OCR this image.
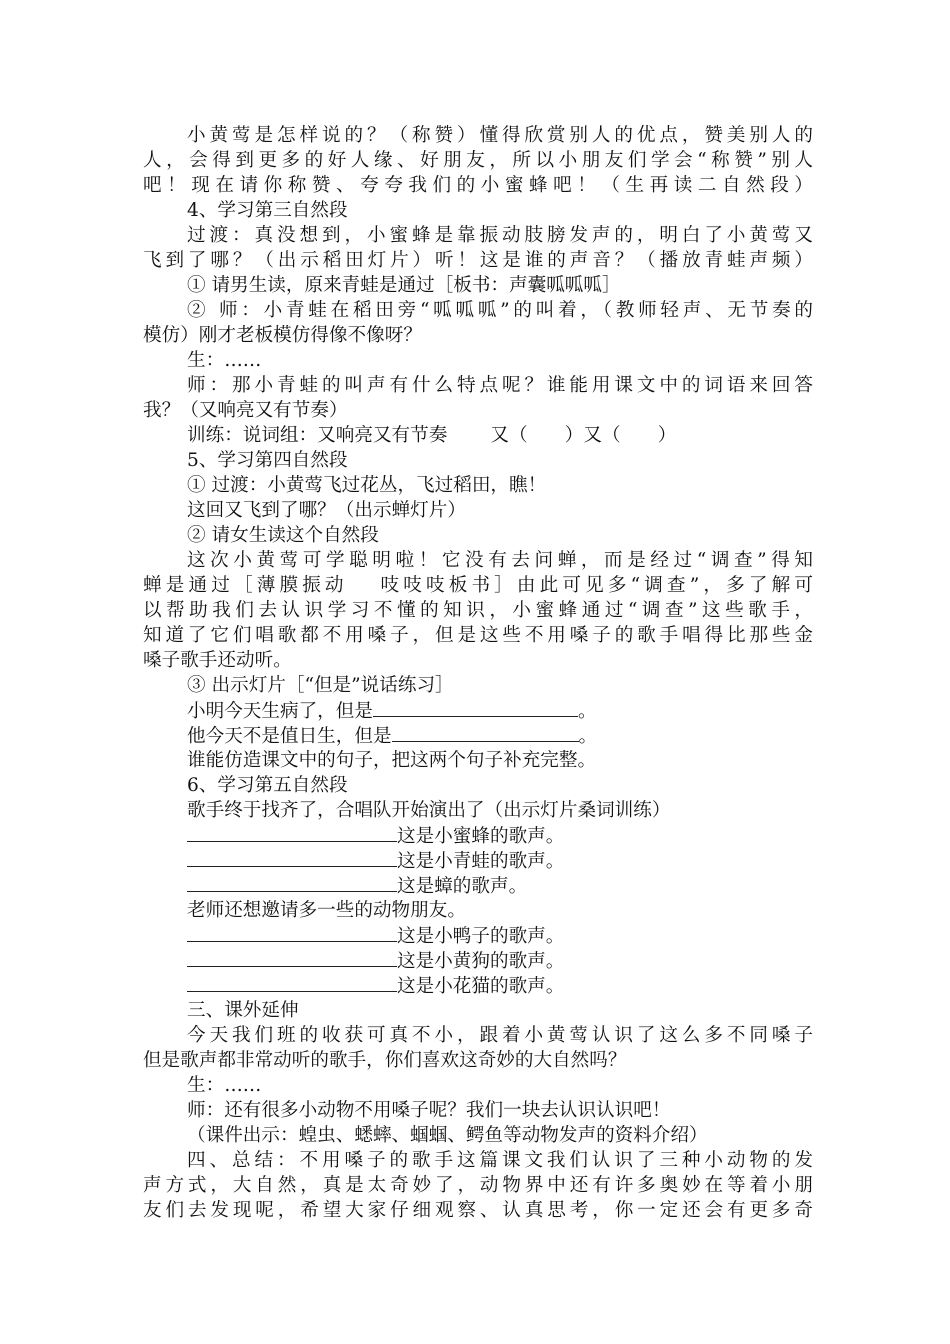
小黄莺是怎样说的？（称赞）懂得欣赏别人的优点，赞美别人的
人，会得到更多的好人缘、好朋友，所以小朋友们学会“称赞”别人
吧！现在请你称赞、夸夸我们的小蜜蜂吧！（生再读二自然段）
4、学习第三自然段
过渡：真没想到，小蜜蜂是靠振动肢膀发声的，明白了小黄莺又
飞到了哪？（出示稻田灯片）听！这是谁的声音？（播放青蛙声频）
① 请男生读，原来青蛙是通过［板书：声囊呱呱呱］
② 师：小青蛙在稻田旁“呱呱呱”的叫着，（教师轻声、无节奏的
模仿）刚才老板模仿得像不像呀？
生：……
师：那小青蛙的叫声有什么特点呢？谁能用课文中的词语来回答
我？（又响亮又有节奏）
训练：说词组：又响亮又有节奏　　 又（　　）又（　　）
5、学习第四自然段
① 过渡：小黄莺飞过花丛，飞过稻田，瞧！
这回又飞到了哪？（出示蝉灯片）
② 请女生读这个自然段
这次小黄莺可学聪明啦！它没有去问蝉，而是经过“调查”得知
蝉是通过［薄膜振动　 吱吱吱板书］由此可见多“调查”，多了解可
以帮助我们去认识学习不懂的知识，小蜜蜂通过“调查”这些歌手，
知道了它们唱歌都不用嗓子，但是这些不用嗓子的歌手唱得比那些金
嗓子歌手还动听。
③ 出示灯片［“但是”说话练习］
小明今天生病了，但是	。
他今天不是值日生，但是	。
谁能仿造课文中的句子，把这两个句子补充完整。
6、学习第五自然段
歌手终于找齐了，合唱队开始演出了（出示灯片桑词训练）
这是小蜜蜂的歌声。
这是小青蛙的歌声。
这是蟑的歌声。
老师还想邀请多一些的动物朋友。
这是小鸭子的歌声。
这是小黄狗的歌声。
这是小花猫的歌声。
三、课外延伸
今天我们班的收获可真不小，跟着小黄莺认识了这么多不同嗓子
但是歌声都非常动听的歌手，你们喜欢这奇妙的大自然吗？
生：……
师：还有很多小动物不用嗓子呢？我们一块去认识认识吧！
（课件出示：蝗虫、蟋蟀、蝈蝈、鳄鱼等动物发声的资料介绍）
四、总结：不用嗓子的歌手这篇课文我们认识了三种小动物的发
声方式，大自然，真是太奇妙了，动物界中还有许多奥妙在等着小朋
友们去发现呢，希望大家仔细观察、认真思考，你一定还会有更多奇
